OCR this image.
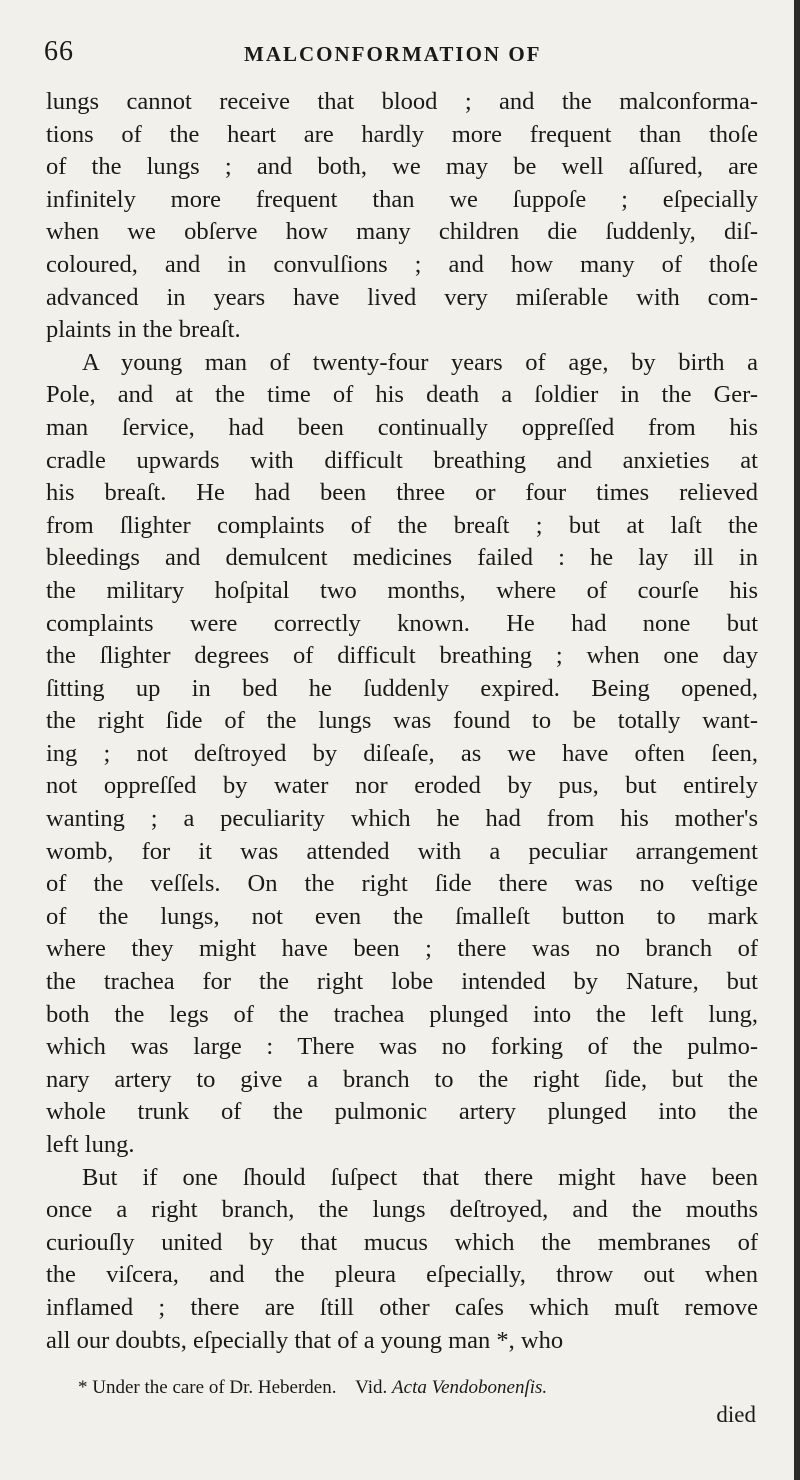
66	MALCONFORMATION OF
lungs cannot receive that blood ; and the malconforma-
tions of the heart are hardly more frequent than thoſe
of the lungs ; and both, we may be well aſſured, are
infinitely more frequent than we ſuppoſe ; eſpecially
when we obſerve how many children die ſuddenly, diſ-
coloured, and in convulſions ; and how many of thoſe
advanced in years have lived very miſerable with com-
plaints in the breaſt.
A young man of twenty-four years of age, by birth a
Pole, and at the time of his death a ſoldier in the Ger-
man ſervice, had been continually oppreſſed from his
cradle upwards with difficult breathing and anxieties at
his breaſt. He had been three or four times relieved
from ſlighter complaints of the breaſt ; but at laſt the
bleedings and demulcent medicines failed : he lay ill in
the military hoſpital two months, where of courſe his
complaints were correctly known. He had none but
the ſlighter degrees of difficult breathing ; when one day
ſitting up in bed he ſuddenly expired. Being opened,
the right ſide of the lungs was found to be totally want-
ing ; not deſtroyed by diſeaſe, as we have often ſeen,
not oppreſſed by water nor eroded by pus, but entirely
wanting ; a peculiarity which he had from his mother's
womb, for it was attended with a peculiar arrangement
of the veſſels. On the right ſide there was no veſtige
of the lungs, not even the ſmalleſt button to mark
where they might have been ; there was no branch of
the trachea for the right lobe intended by Nature, but
both the legs of the trachea plunged into the left lung,
which was large : There was no forking of the pulmo-
nary artery to give a branch to the right ſide, but the
whole trunk of the pulmonic artery plunged into the
left lung.
But if one ſhould ſuſpect that there might have been
once a right branch, the lungs deſtroyed, and the mouths
curiouſly united by that mucus which the membranes of
the viſcera, and the pleura eſpecially, throw out when
inflamed ; there are ſtill other caſes which muſt remove
all our doubts, eſpecially that of a young man *, who
* Under the care of Dr. Heberden. Vid. Acta Vendobonenſis.
died
